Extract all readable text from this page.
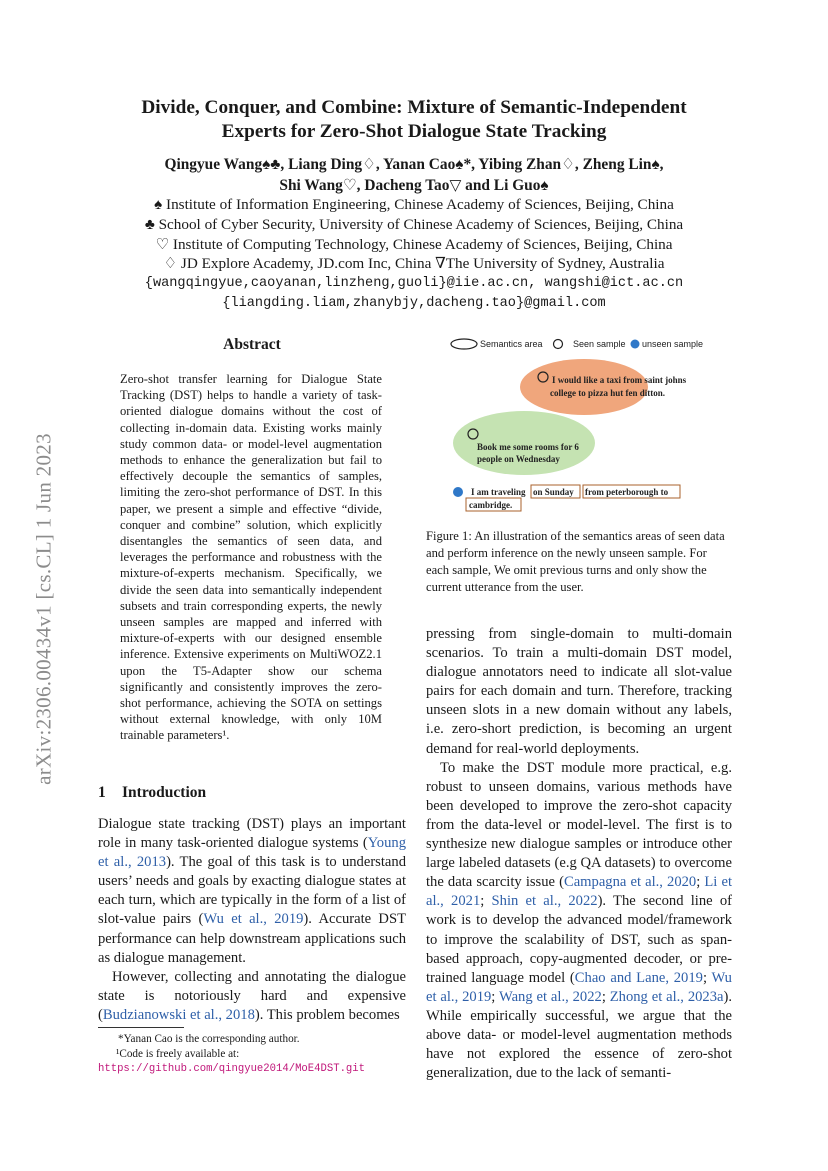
arXiv:2306.00434v1 [cs.CL] 1 Jun 2023
Divide, Conquer, and Combine: Mixture of Semantic-Independent
Experts for Zero-Shot Dialogue State Tracking
Qingyue Wang♠♣, Liang Ding♢, Yanan Cao♠*, Yibing Zhan♢, Zheng Lin♠,
Shi Wang♡, Dacheng Tao▽ and Li Guo♠
♠ Institute of Information Engineering, Chinese Academy of Sciences, Beijing, China
♣ School of Cyber Security, University of Chinese Academy of Sciences, Beijing, China
♡ Institute of Computing Technology, Chinese Academy of Sciences, Beijing, China
♢ JD Explore Academy, JD.com Inc, China ∇The University of Sydney, Australia
{wangqingyue,caoyanan,linzheng,guoli}@iie.ac.cn, wangshi@ict.ac.cn
{liangding.liam,zhanybjy,dacheng.tao}@gmail.com
Abstract
Zero-shot transfer learning for Dialogue State Tracking (DST) helps to handle a variety of task-oriented dialogue domains without the cost of collecting in-domain data. Existing works mainly study common data- or model-level augmentation methods to enhance the generalization but fail to effectively decouple the semantics of samples, limiting the zero-shot performance of DST. In this paper, we present a simple and effective “divide, conquer and combine” solution, which explicitly disentangles the semantics of seen data, and leverages the performance and robustness with the mixture-of-experts mechanism. Specifically, we divide the seen data into semantically independent subsets and train corresponding experts, the newly unseen samples are mapped and inferred with mixture-of-experts with our designed ensemble inference. Extensive experiments on MultiWOZ2.1 upon the T5-Adapter show our schema significantly and consistently improves the zero-shot performance, achieving the SOTA on settings without external knowledge, with only 10M trainable parameters¹.
1 Introduction

Dialogue state tracking (DST) plays an important role in many task-oriented dialogue systems (Young et al., 2013). The goal of this task is to understand users’ needs and goals by exacting dialogue states at each turn, which are typically in the form of a list of slot-value pairs (Wu et al., 2019). Accurate DST performance can help downstream applications such as dialogue management.

However, collecting and annotating the dialogue state is notoriously hard and expensive (Budzianowski et al., 2018). This problem becomes

*Yanan Cao is the corresponding author.
¹Code is freely available at: https://github.com/qingyue2014/MoE4DST.git
Semantics area	Seen sample unseen sample
I would like a taxi from saint johns college to pizza hut fen ditton.
Book me some rooms for 6 people on Wednesday
I am traveling on Sunday from peterborough to
cambridge.
Figure 1: An illustration of the semantics areas of seen data and perform inference on the newly unseen sample. For each sample, We omit previous turns and only show the current utterance from the user.

pressing from single-domain to multi-domain scenarios. To train a multi-domain DST model, dialogue annotators need to indicate all slot-value pairs for each domain and turn. Therefore, tracking unseen slots in a new domain without any labels, i.e. zero-short prediction, is becoming an urgent demand for real-world deployments.

To make the DST module more practical, e.g. robust to unseen domains, various methods have been developed to improve the zero-shot capacity from the data-level or model-level. The first is to synthesize new dialogue samples or introduce other large labeled datasets (e.g QA datasets) to overcome the data scarcity issue (Campagna et al., 2020; Li et al., 2021; Shin et al., 2022). The second line of work is to develop the advanced model/framework to improve the scalability of DST, such as span-based approach, copy-augmented decoder, or pre-trained language model (Chao and Lane, 2019; Wu et al., 2019; Wang et al., 2022; Zhong et al., 2023a). While empirically successful, we argue that the above data- or model-level augmentation methods have not explored the essence of zero-shot generalization, due to the lack of semanti-
